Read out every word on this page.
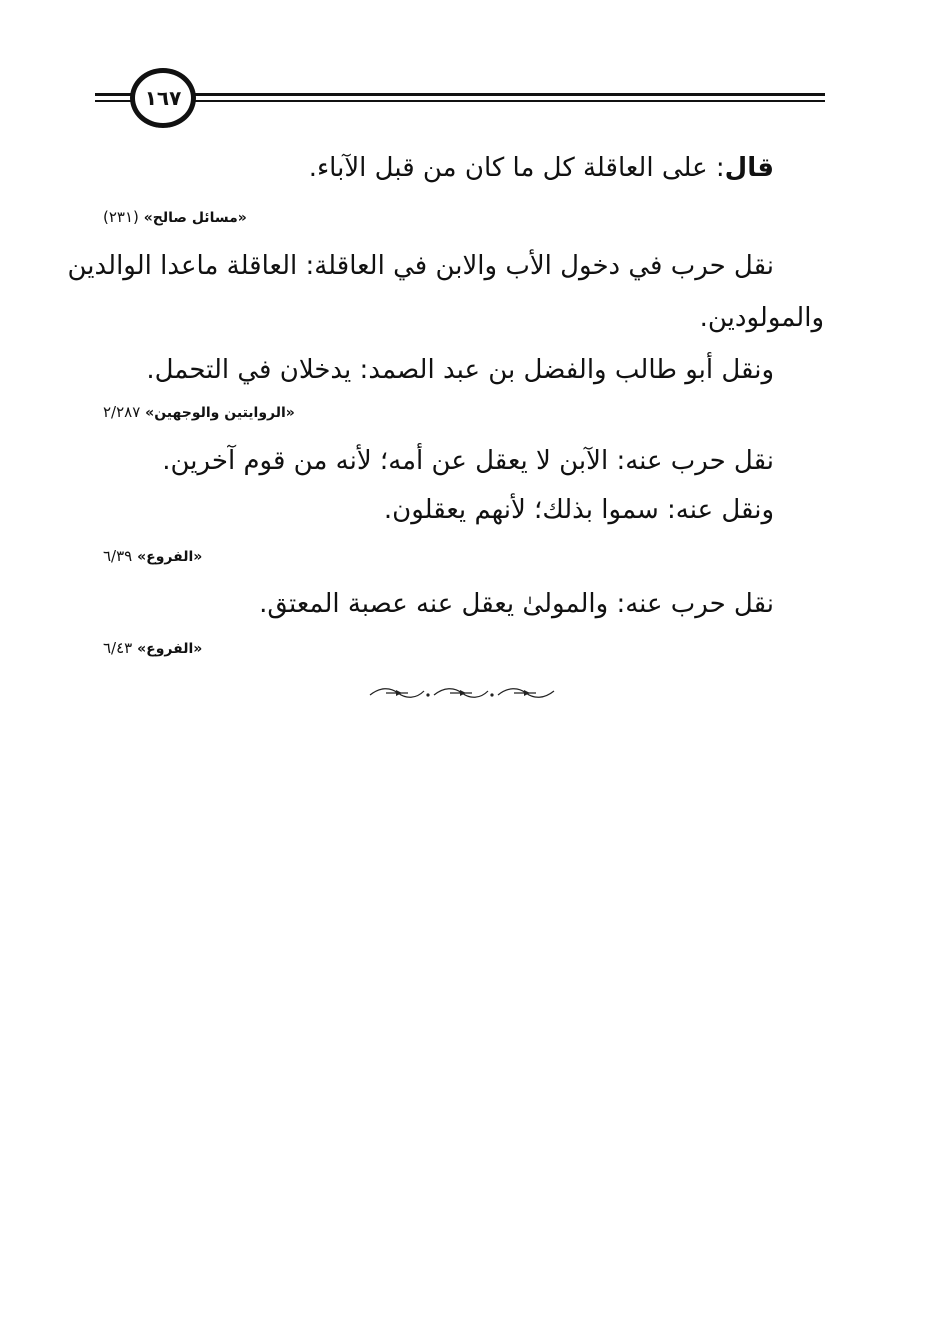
١٦٧
قال: على العاقلة كل ما كان من قبل الآباء.
«مسائل صالح» (٢٣١)
نقل حرب في دخول الأب والابن في العاقلة: العاقلة ماعدا الوالدين
والمولودين.
ونقل أبو طالب والفضل بن عبد الصمد: يدخلان في التحمل.
«الروايتين والوجهين» ٢/٢٨٧
نقل حرب عنه: الآبن لا يعقل عن أمه؛ لأنه من قوم آخرين.
ونقل عنه: سموا بذلك؛ لأنهم يعقلون.
«الفروع» ٦/٣٩
نقل حرب عنه: والمولىٰ يعقل عنه عصبة المعتق.
«الفروع» ٦/٤٣
